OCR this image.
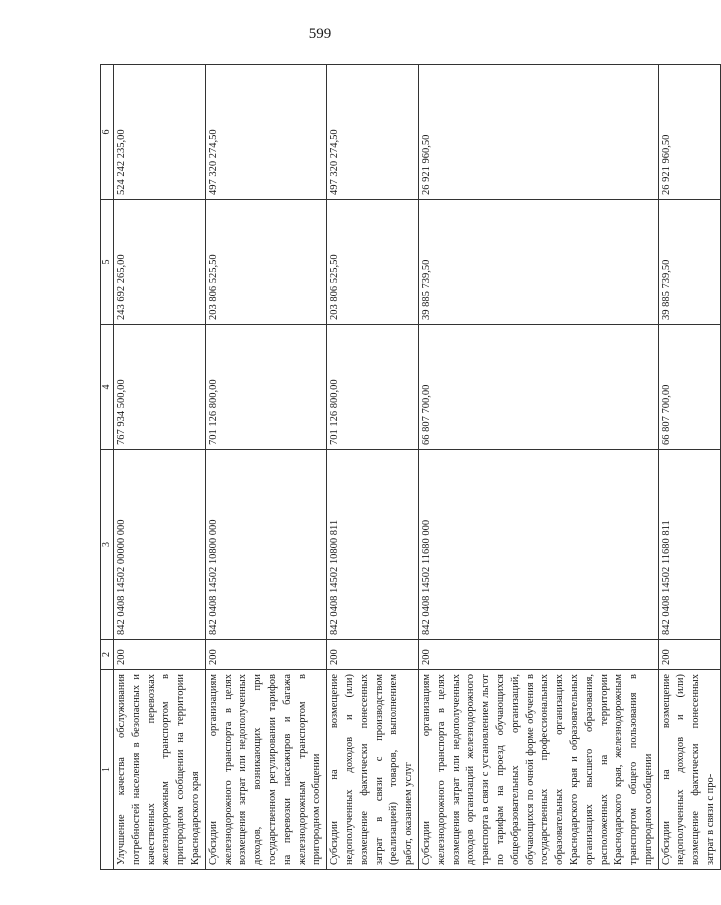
599
1	2	3	4	5	6
Улучшение качества обслуживания потребностей населения в безопасных и качественных перевозках железнодорожным транспортом в пригородном сообщении на территории Краснодарского края	200	842 0408 14502 00000 000	767 934 500,00	243 692 265,00	524 242 235,00
Субсидии организациям железнодорожного транспорта в целях возмещения затрат или недополученных доходов, возникающих при государственном регулировании тарифов на перевозки пассажиров и багажа железнодорожным транспортом в пригородном сообщении	200	842 0408 14502 10800 000	701 126 800,00	203 806 525,50	497 320 274,50
Субсидии на возмещение недополученных доходов и (или) возмещение фактически понесенных затрат в связи с производством (реализацией) товаров, выполнением работ, оказанием услуг	200	842 0408 14502 10800 811	701 126 800,00	203 806 525,50	497 320 274,50
Субсидии организациям железнодорожного транспорта в целях возмещения затрат или недополученных доходов организаций железнодорожного транспорта в связи с установлением льгот по тарифам на проезд обучающихся общеобразовательных организаций, обучающихся по очной форме обучения в государственных профессиональных образовательных организациях Краснодарского края и образовательных организациях высшего образования, расположенных на территории Краснодарского края, железнодорожным транспортом общего пользования в пригородном сообщении	200	842 0408 14502 11680 000	66 807 700,00	39 885 739,50	26 921 960,50
Субсидии на возмещение недополученных доходов и (или) возмещение фактически понесенных затрат в связи с про-	200	842 0408 14502 11680 811	66 807 700,00	39 885 739,50	26 921 960,50
